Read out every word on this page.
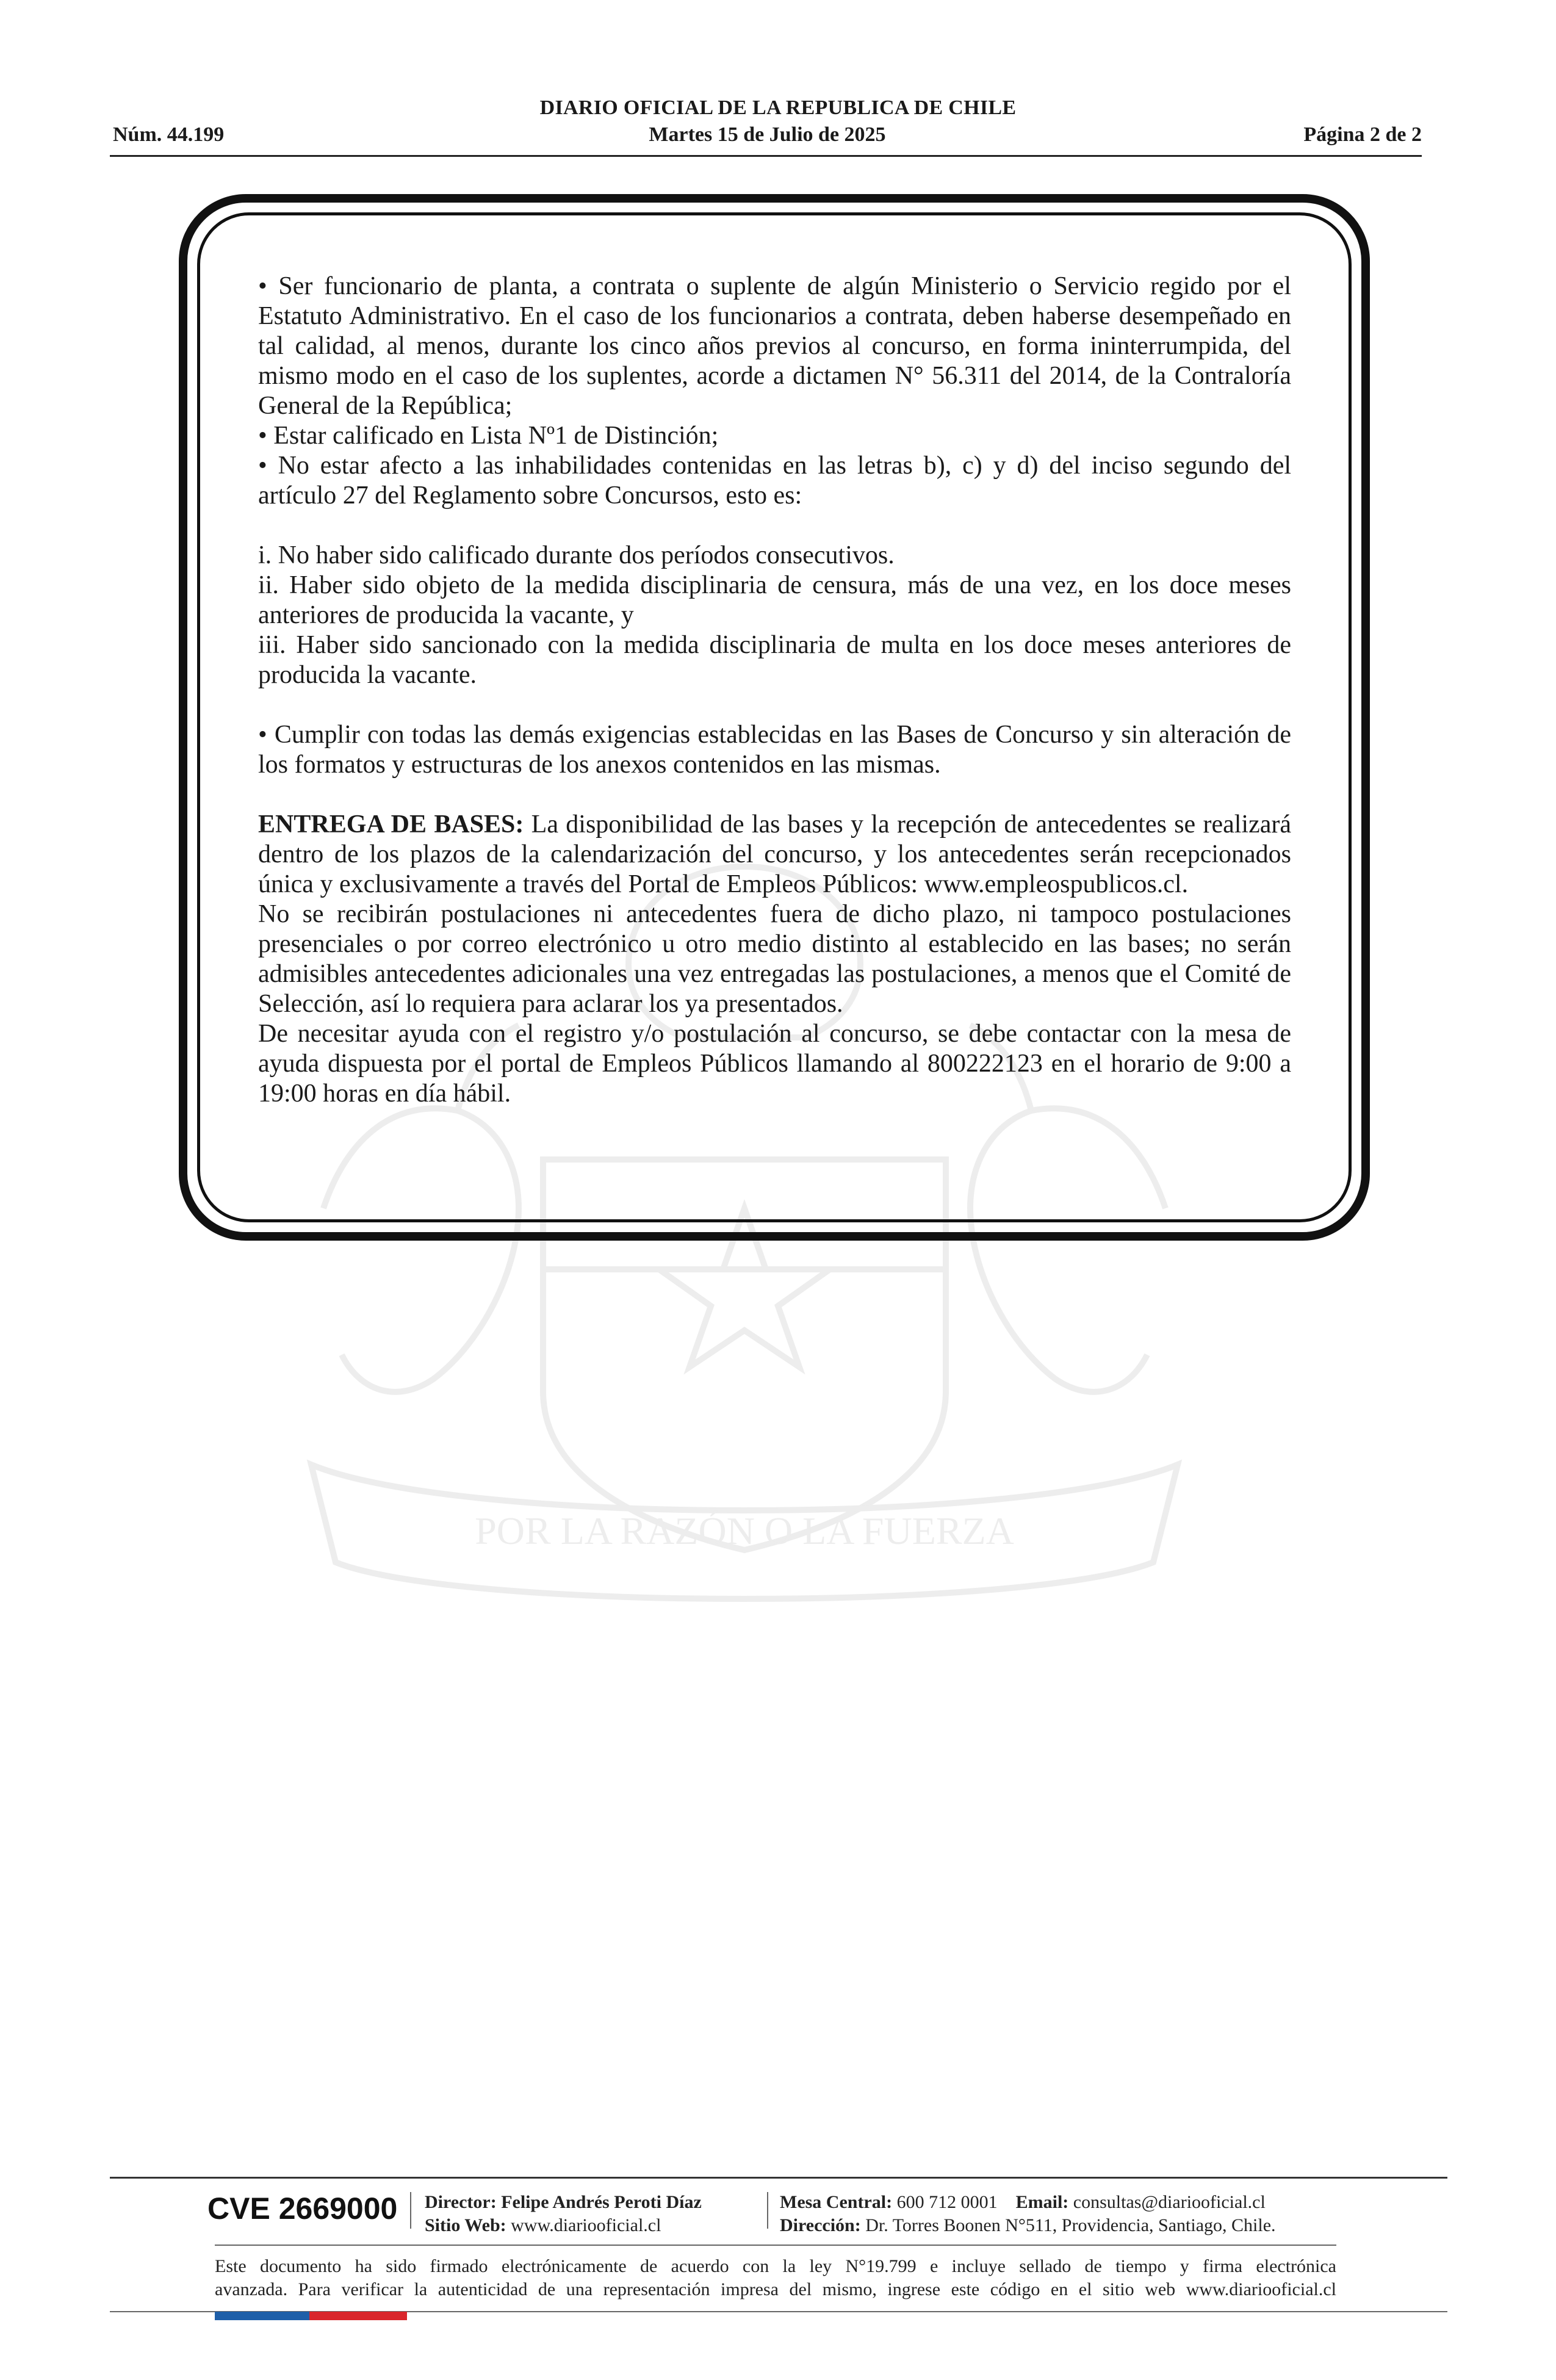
DIARIO OFICIAL DE LA REPUBLICA DE CHILE
Núm. 44.199	Martes 15 de Julio de 2025	Página 2 de 2
POR LA RAZÓN O LA FUERZA

• Ser funcionario de planta, a contrata o suplente de algún Ministerio o Servicio regido por el Estatuto Administrativo. En el caso de los funcionarios a contrata, deben haberse desempeñado en tal calidad, al menos, durante los cinco años previos al concurso, en forma ininterrumpida, del mismo modo en el caso de los suplentes, acorde a dictamen N° 56.311 del 2014, de la Contraloría General de la República;

• Estar calificado en Lista Nº1 de Distinción;

• No estar afecto a las inhabilidades contenidas en las letras b), c) y d) del inciso segundo del artículo 27 del Reglamento sobre Concursos, esto es:

i. No haber sido calificado durante dos períodos consecutivos.

ii. Haber sido objeto de la medida disciplinaria de censura, más de una vez, en los doce meses anteriores de producida la vacante, y

iii. Haber sido sancionado con la medida disciplinaria de multa en los doce meses anteriores de producida la vacante.

• Cumplir con todas las demás exigencias establecidas en las Bases de Concurso y sin alteración de los formatos y estructuras de los anexos contenidos en las mismas.

ENTREGA DE BASES: La disponibilidad de las bases y la recepción de antecedentes se realizará dentro de los plazos de la calendarización del concurso, y los antecedentes serán recepcionados única y exclusivamente a través del Portal de Empleos Públicos: www.empleospublicos.cl.

No se recibirán postulaciones ni antecedentes fuera de dicho plazo, ni tampoco postulaciones presenciales o por correo electrónico u otro medio distinto al establecido en las bases; no serán admisibles antecedentes adicionales una vez entregadas las postulaciones, a menos que el Comité de Selección, así lo requiera para aclarar los ya presentados.

De necesitar ayuda con el registro y/o postulación al concurso, se debe contactar con la mesa de ayuda dispuesta por el portal de Empleos Públicos llamando al 800222123 en el horario de 9:00 a 19:00 horas en día hábil.

CVE 2669000 Director: Felipe Andrés Peroti Díaz
Sitio Web: www.diariooficial.cl
Mesa Central: 600 712 0001 Email: consultas@diariooficial.cl
Dirección: Dr. Torres Boonen N°511, Providencia, Santiago, Chile.
Este documento ha sido firmado electrónicamente de acuerdo con la ley N°19.799 e incluye sellado de tiempo y firma electrónica
avanzada. Para verificar la autenticidad de una representación impresa del mismo, ingrese este código en el sitio web www.diariooficial.cl
